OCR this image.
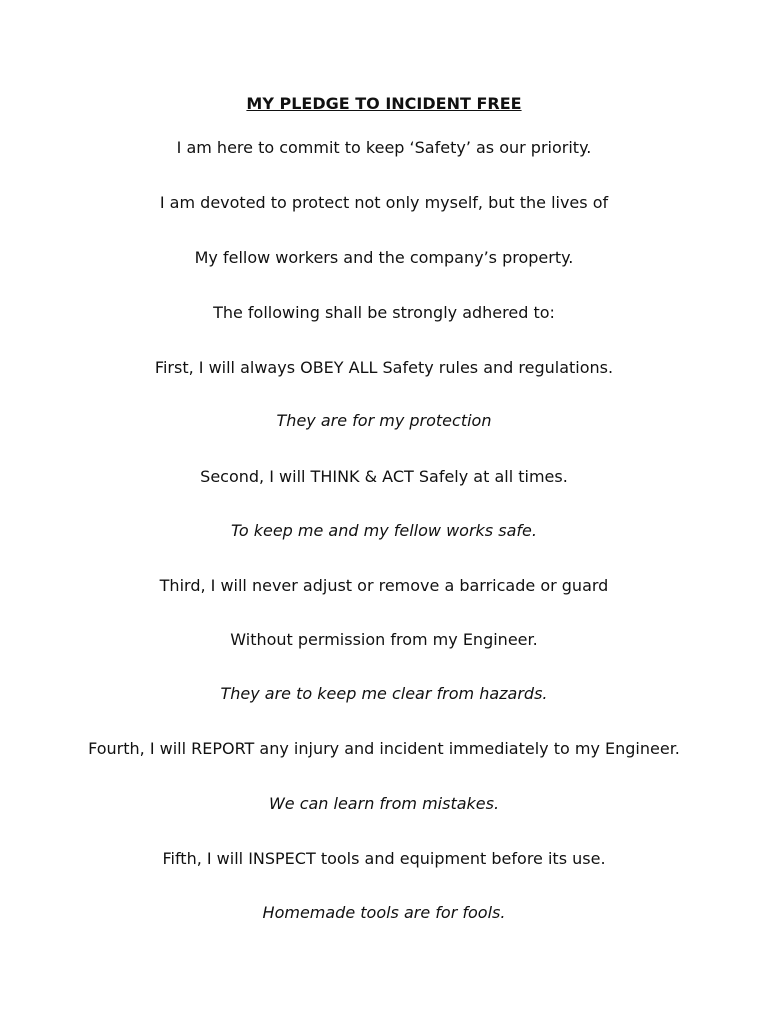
MY PLEDGE TO INCIDENT FREE
I am here to commit to keep ‘Safety’ as our priority.
I am devoted to protect not only myself, but the lives of
My fellow workers and the company’s property.
The following shall be strongly adhered to:
First, I will always OBEY ALL Safety rules and regulations.
They are for my protection
Second, I will THINK & ACT Safely at all times.
To keep me and my fellow works safe.
Third, I will never adjust or remove a barricade or guard
Without permission from my Engineer.
They are to keep me clear from hazards.
Fourth, I will REPORT any injury and incident immediately to my Engineer.
We can learn from mistakes.
Fifth, I will INSPECT tools and equipment before its use.
Homemade tools are for fools.
